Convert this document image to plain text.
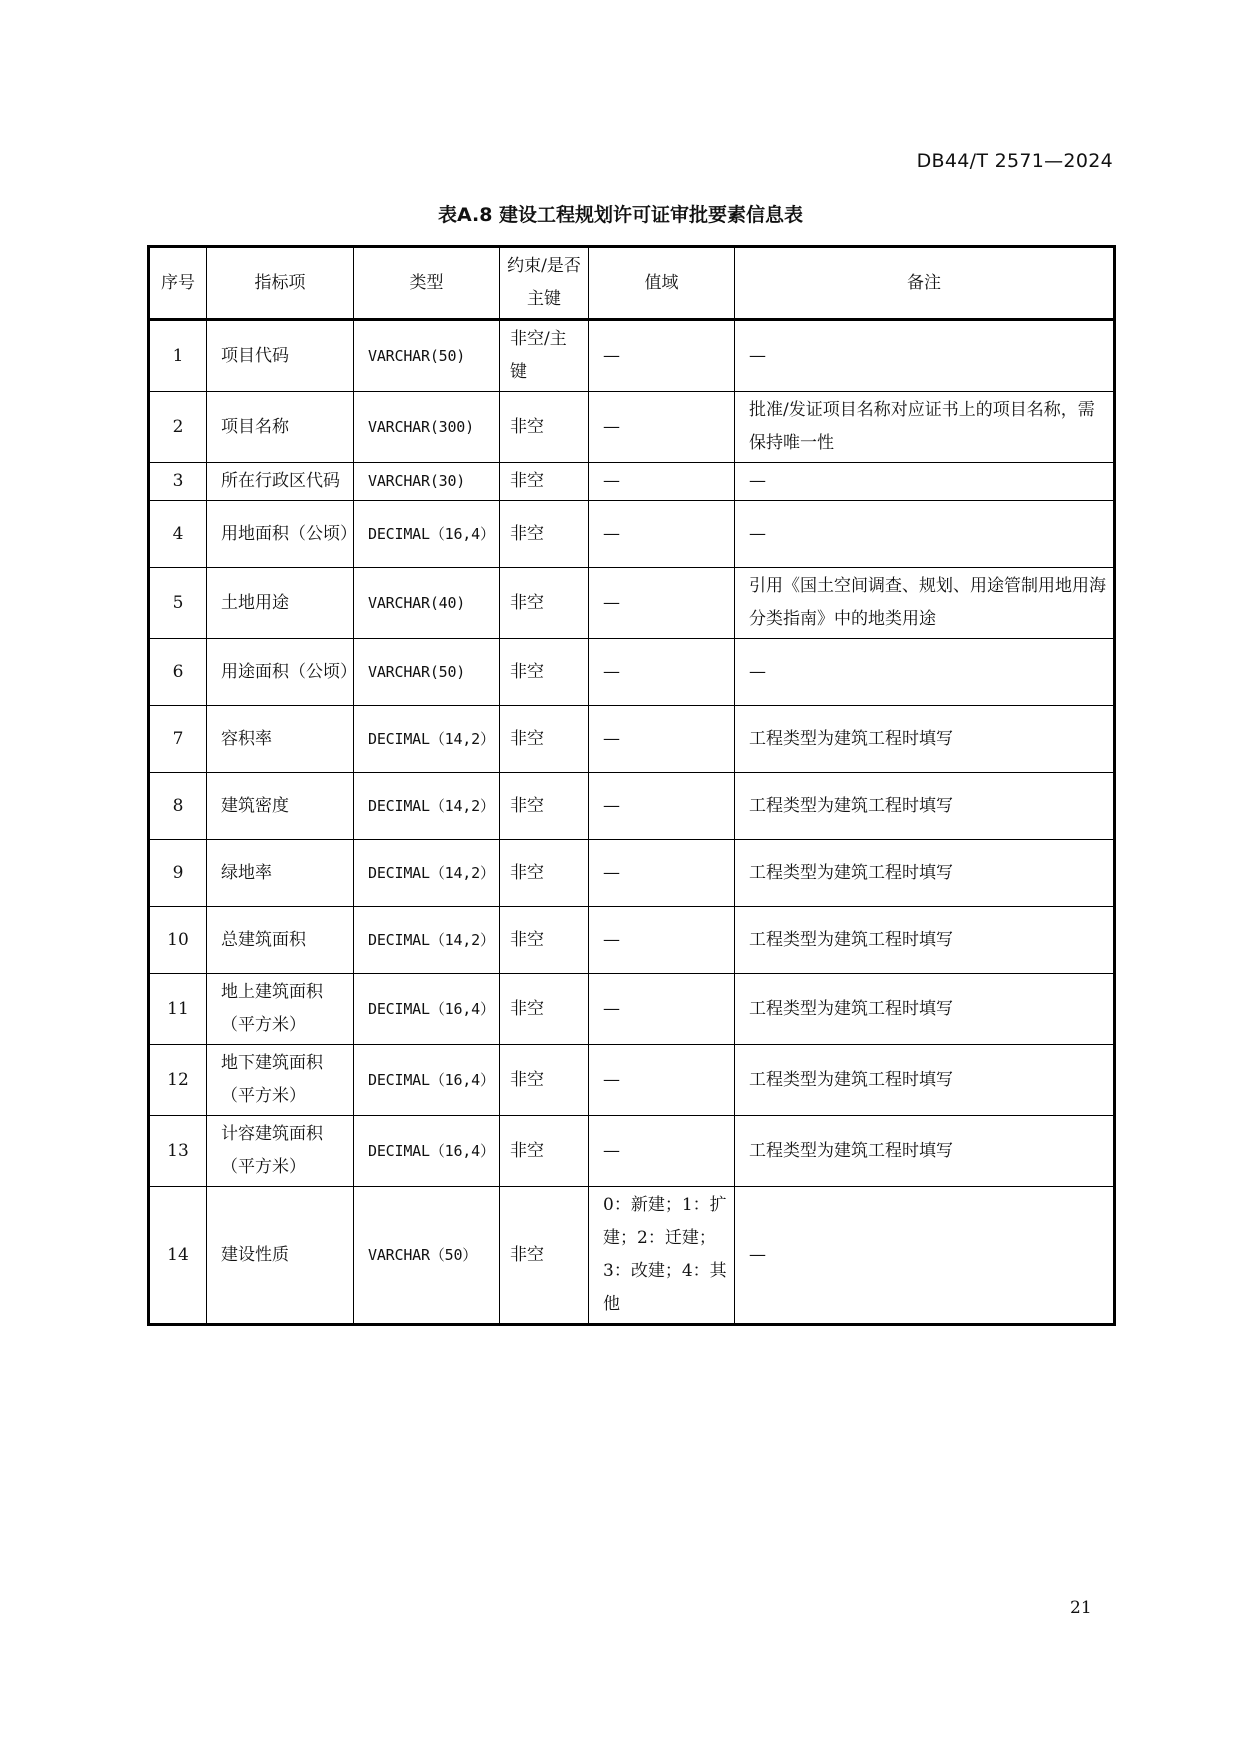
DB44/T 2571—2024
表A.8 建设工程规划许可证审批要素信息表
序号	指标项	类型	约束/是否主键	值域	备注
1	项目代码	VARCHAR(50)	非空/主键	—	—
2	项目名称	VARCHAR(300)	非空	—	批准/发证项目名称对应证书上的项目名称，需保持唯一性
3	所在行政区代码	VARCHAR(30)	非空	—	—
4	用地面积（公顷）	DECIMAL（16,4）	非空	—	—
5	土地用途	VARCHAR(40)	非空	—	引用《国土空间调查、规划、用途管制用地用海分类指南》中的地类用途
6	用途面积（公顷）	VARCHAR(50)	非空	—	—
7	容积率	DECIMAL（14,2）	非空	—	工程类型为建筑工程时填写
8	建筑密度	DECIMAL（14,2）	非空	—	工程类型为建筑工程时填写
9	绿地率	DECIMAL（14,2）	非空	—	工程类型为建筑工程时填写
10	总建筑面积	DECIMAL（14,2）	非空	—	工程类型为建筑工程时填写
11	地上建筑面积（平方米）	DECIMAL（16,4）	非空	—	工程类型为建筑工程时填写
12	地下建筑面积（平方米）	DECIMAL（16,4）	非空	—	工程类型为建筑工程时填写
13	计容建筑面积（平方米）	DECIMAL（16,4）	非空	—	工程类型为建筑工程时填写
14	建设性质	VARCHAR（50）	非空	0：新建；1：扩建；2：迁建；3：改建；4：其他	—
21
